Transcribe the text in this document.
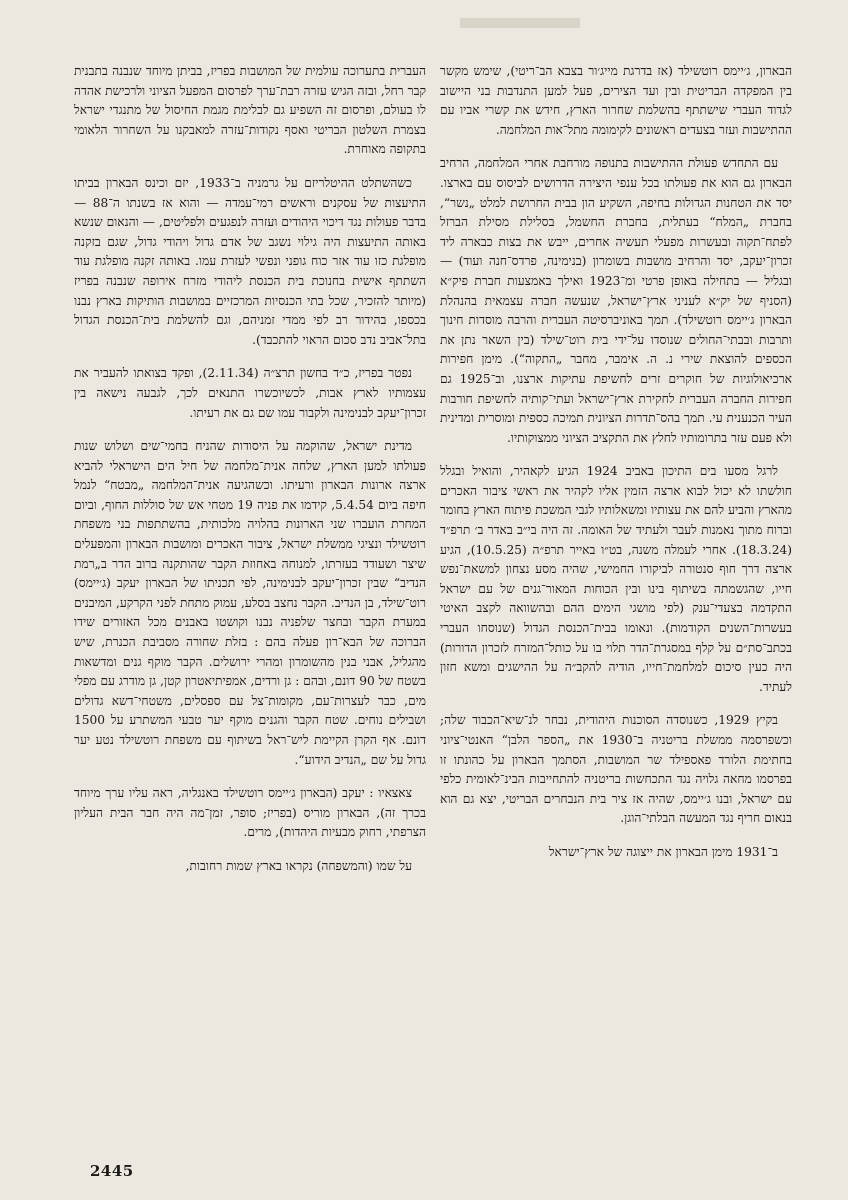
הבארון, ג׳יימס רוטשילד (אז בדרגת מייג׳ור בצבא הב־ריטי), שימש מקשר בין המפקדה הבריטית ובין ועד הצירים, פעל למען התנדבות בני היישוב לגדוד העברי שישתתף בהשלמת שחרור הארץ, חידש את קשרי אביו עם ההתישבות ועזר בצעדים ראשונים לקימומה מתל־אות המלחמה.

עם התחדש פעולת ההתישבות בתנופה מורחבת אחרי המלחמה, הרחיב הבארון גם הוא את פעולתו בכל ענפי היצירה הדרושים לביסוס עם בארצו. יסד את הטחנות הגדולות בחיפה, השקיע הון בבית החרושת למלט „נשר“, בחברת „המלח“ בעתלית, בחברת החשמל, בסלילת מסילת הברזל לפתח־תקוה ובעשרות מפעלי תעשיה אחרים, ייבש את בצות כבארה ליד זכרון־יעקב, יסד והרחיב מושבות בשומרון (בנימינה, פרדס־חנה ועוד) — ובגליל — בתחילה באופן פרטי ומ־1923 ואילך באמצעות חברת פיק״א (הסניף של יק״א לעניני ארץ־ישראל, שנעשה חברה עצמאית בהנהלת הבארון ג׳יימס רוטשילד). תמך באוניברסיטה העברית והרבה מוסדות חינוך ותרבות ובבתי־החולים שנוסדו על־ידי בית רוט־שילד (בין השאר נתן את הכספים להוצאת שירי נ. ה. אימבר, מחבר „התקוה“). מימן חפירות ארכיאולוגיות של חוקרים זרים לחשיפת עתיקות ארצנו, וב־1925 גם חפירות החברה העברית לחקירת ארץ־ישראל ועתי־קותיה לחשיפת חורבות העיר הכנענית עי. תמך בהס־תדרות הציונית תמיכה כספית ומוסרית ומדינית ולא פעם עזר בתרומותיו לחלץ את התקציב הציוני ממצוקותיו.

לרגל מסעו בים התיכון באביב 1924 הגיע לקאהיר, והואיל ובגלל חולשתו לא יכול לבוא ארצה הזמין אליו לקהיר את ראשי ציבור האכרים מהארץ והביע להם את עצותיו ומשאלותיו לגבי המשכת פיתוח הארץ בחומר וברוח מתוך נאמנות לעבר ולעתיד של האומה. זה היה בי״ב באדר ב׳ תרפ״ד (18.3.24). אחרי לעמלה משנה, בט״ו באייר תרפ״ה (10.5.25), הגיע ארצה דרך חוף סנטורה לביקורו החמישי, שהיה מסע נצחון למשאת־נפש חייו, שהגשמתה בשיתוף בינו ובין הכוחות המאור־גנים של עם ישראל התקדמה בצעדי־ענק (לפי מושגי הימים ההם ובהשוואה לקצב האיטי בעשרות־השנים הקודמות). ונאומו בבית־הכנסת הגדול (שנוסחו העברי בכתב־סת״ם על קלף במסגרת־הדר תלוי בו על כותל־המזרח לזכרון הדורות) היה כעין סיכום למלחמת־חייו, הודיה להקב״ה על ההישגים ומשא חזון לעתיד.

בקיץ 1929, כשנוסדה הסוכנות היהודית, נבחר לנ־שיא־הכבוד שלה; וכשפרסמה ממשלת בריטניה ב־1930 את „הספר הלבן“ האנטי־ציוני בחתימת הלורד פאספילד שר המושבות, הסתמך הבארון על כהונתו זו בפרסמו מחאה גלויה נגד התכחשות בריטניה להתחייבות הבינ־לאומית כלפי עם ישראל, ובנו ג׳יימס, שהיה אז ציר בית הנבחרים הבריטי, יצא גם הוא בנאום חריף נגד המעשה הבלתי־הוגן.

ב־1931 מימן הבארון את ייצוגה של ארץ־ישראל

העברית בתערוכה עולמית של המושבות בפריז, בביתן מיוחד שנבנה בתבנית קבר רחל, ובזה הגיש עזרה רבת־ערך לפרסום המפעל הציוני ולרכישת אהדה לו בעולם, ופרסום זה השפיע גם לבלימת מגמת החיסול של מתנגדי ישראל בצמרת השלטון הבריטי ואסף נקודות־עזרה למאבקנו על השחרור הלאומי בתקופה מאוחרת.

כשהשתלט ההיטלריזם על גרמניה ב־1933, יזם וכינס הבארון בביתו התיעצות של עסקנים וראשים רמי־עמדה — והוא אז בשנתו ה־88 — בדבר פעולות נגד דיכוי היהודים ועזרה לנפגעים ולפליטים, — והנאום שנשא באותה התיעצות היה גילוי נשגב של אדם גדול ויהודי גדול, שגם בזקנה מופלגת כזו עוד אזר כוח גופני ונפשי לעזרת עמו. באותה זקנה מופלגת עוד השתתף אישית בחנוכת בית הכנסת ליהודי מזרח אירופה שנבנה בפריז (מיותר להזכיר, שכל בתי הכנסיות המרכזיים במושבות הותיקות בארץ נבנו בכספו, בהידור רב לפי ממדי זמניהם, וגם להשלמת בית־הכנסת הגדול בתל־אביב נדב סכום הראוי להתכבד).

נפטר בפריז, כ״ד בחשון תרצ״ה (2.11.34), ופקד בצואתו להעביר את עצמותיו לארץ אבות, לכשיוכשרו התנאים לכך, לגבעה נישאה בין זכרון־יעקב לבנימינה ולקבור עמו שם גם את רעיתו.

מדינת ישראל, שהוקמה על היסודות שהניח בחמי־שים ושלוש שנות פעולתו למען הארץ, שלחה אנית־מלחמה של חיל הים הישראלי להביא ארצה ארונות הבארון ורעיתו. וכשהגיעה אנית־המלחמה „מבטח“ לנמל חיפה ביום 5.4.54, קידמו את פניה 19 מטחי אש של סוללות החוף, וביום המחרת הועברו שני הארונות בהלויה מלכותית, בהשתתפות בני משפחת רוטשילד ונציגי ממשלת ישראל, ציבור האכרים ומושבות הבארון והמפעלים שיצר ושעודד בעזרתו, למנוחה באחוזת הקבר שהותקנה ברוב הדר ב„רמת הנדיב“ שבין זכרון־יעקב לבנימינה, לפי תכניתו של הבארון יעקב (ג׳יימס) רוט־שילד, בן הנדיב. הקבר נחצב בסלע, עמוק מתחת לפני הקרקע, המיבנים במערת הקבר ובחצר שלפניה נבנו וקושטו באבנים מכל האזורים שידו הברוכה של הבא־רון פעלה בהם : בזלת שחורה מסביבת הכנרת, שיש מהגליל, אבני בנין מהשומרון ומהרי ירושלים. הקבר מוקף גנים ומדשאות בשטח של 90 דונם, ובהם : גן ורדים, אמפיתיאטרון קטן, גן מודרג עם מפלי מים, כבר לעצרות־עם, מקומות־צל עם ספסלים, משטחי־דשא גדולים ושבילים נוחים. שטח הקבר והגנים מוקף יער טבעי המשתרע על 1500 דונם. אף הקרן הקיימת ליש־ראל בשיתוף עם משפחת רוטשילד נטע יער גדול על שם „הנדיב הידוע“.

צאצאיו : יעקב (הבארון ג׳יימס רוטשילד באנגליה, ראה עליו ערך מיוחד בכרך זה), הבארון מוריס (בפריז; סופר, זמן־מה היה חבר הבית העליון הצרפתי, רחוק מבעיות היהדות), מרים.

על שמו (והמשפחה) נקראו בארץ שמות רחובות,

2445
